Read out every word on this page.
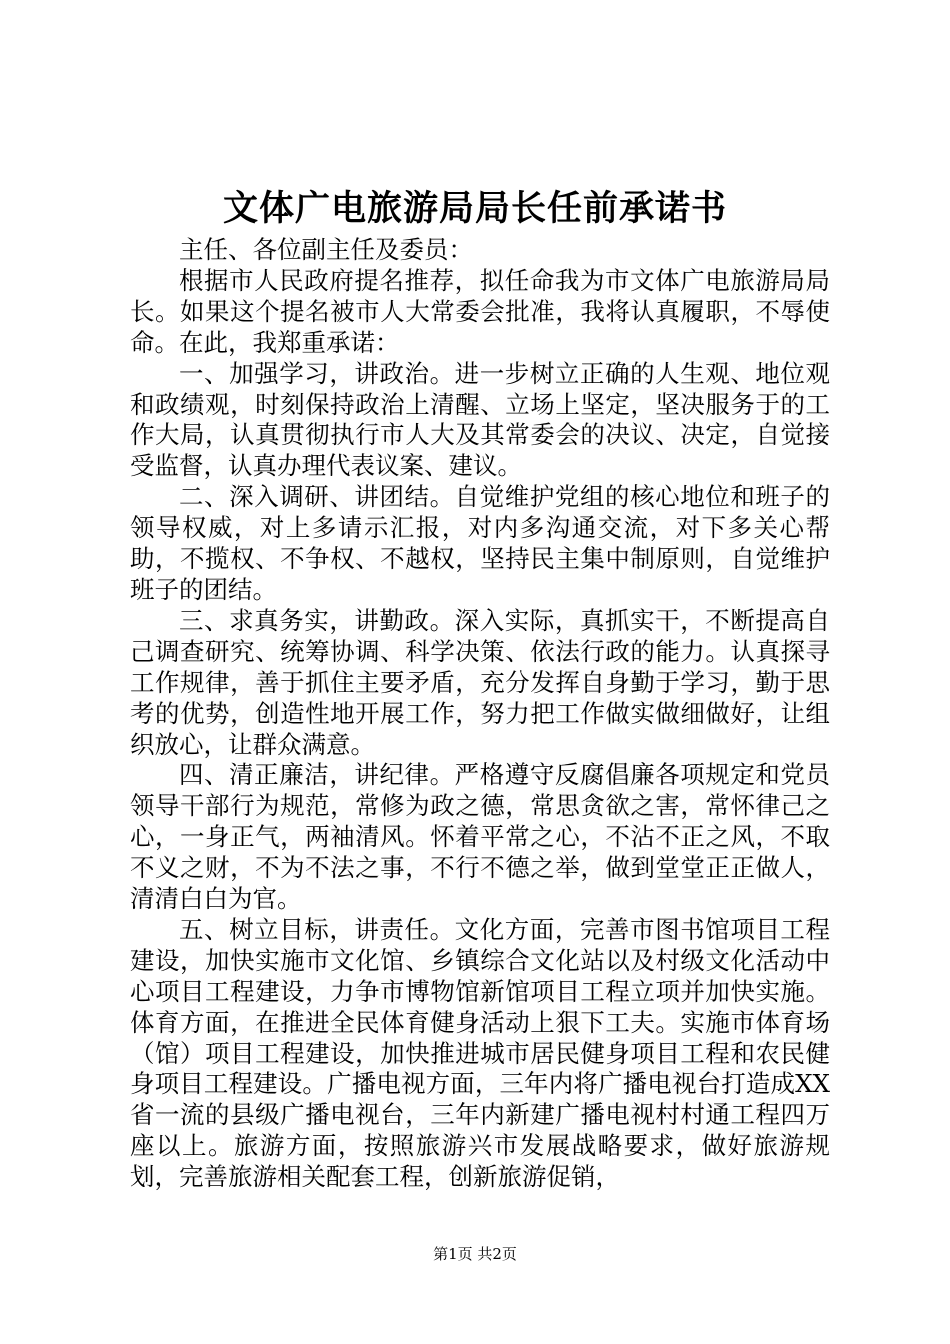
文体广电旅游局局长任前承诺书

主任、各位副主任及委员：

根据市人民政府提名推荐，拟任命我为市文体广电旅游局局长。如果这个提名被市人大常委会批准，我将认真履职，不辱使命。在此，我郑重承诺：

一、加强学习，讲政治。进一步树立正确的人生观、地位观和政绩观，时刻保持政治上清醒、立场上坚定，坚决服务于的工作大局，认真贯彻执行市人大及其常委会的决议、决定，自觉接受监督，认真办理代表议案、建议。

二、深入调研、讲团结。自觉维护党组的核心地位和班子的领导权威，对上多请示汇报，对内多沟通交流，对下多关心帮助，不揽权、不争权、不越权，坚持民主集中制原则，自觉维护班子的团结。

三、求真务实，讲勤政。深入实际，真抓实干，不断提高自己调查研究、统筹协调、科学决策、依法行政的能力。认真探寻工作规律，善于抓住主要矛盾，充分发挥自身勤于学习，勤于思考的优势，创造性地开展工作，努力把工作做实做细做好，让组织放心，让群众满意。

四、清正廉洁，讲纪律。严格遵守反腐倡廉各项规定和党员领导干部行为规范，常修为政之德，常思贪欲之害，常怀律己之心，一身正气，两袖清风。怀着平常之心，不沾不正之风，不取不义之财，不为不法之事，不行不德之举，做到堂堂正正做人，清清白白为官。

五、树立目标，讲责任。文化方面，完善市图书馆项目工程建设，加快实施市文化馆、乡镇综合文化站以及村级文化活动中心项目工程建设，力争市博物馆新馆项目工程立项并加快实施。体育方面，在推进全民体育健身活动上狠下工夫。实施市体育场（馆）项目工程建设，加快推进城市居民健身项目工程和农民健身项目工程建设。广播电视方面，三年内将广播电视台打造成XX省一流的县级广播电视台，三年内新建广播电视村村通工程四万座以上。旅游方面，按照旅游兴市发展战略要求，做好旅游规划，完善旅游相关配套工程，创新旅游促销，

第1页 共2页
